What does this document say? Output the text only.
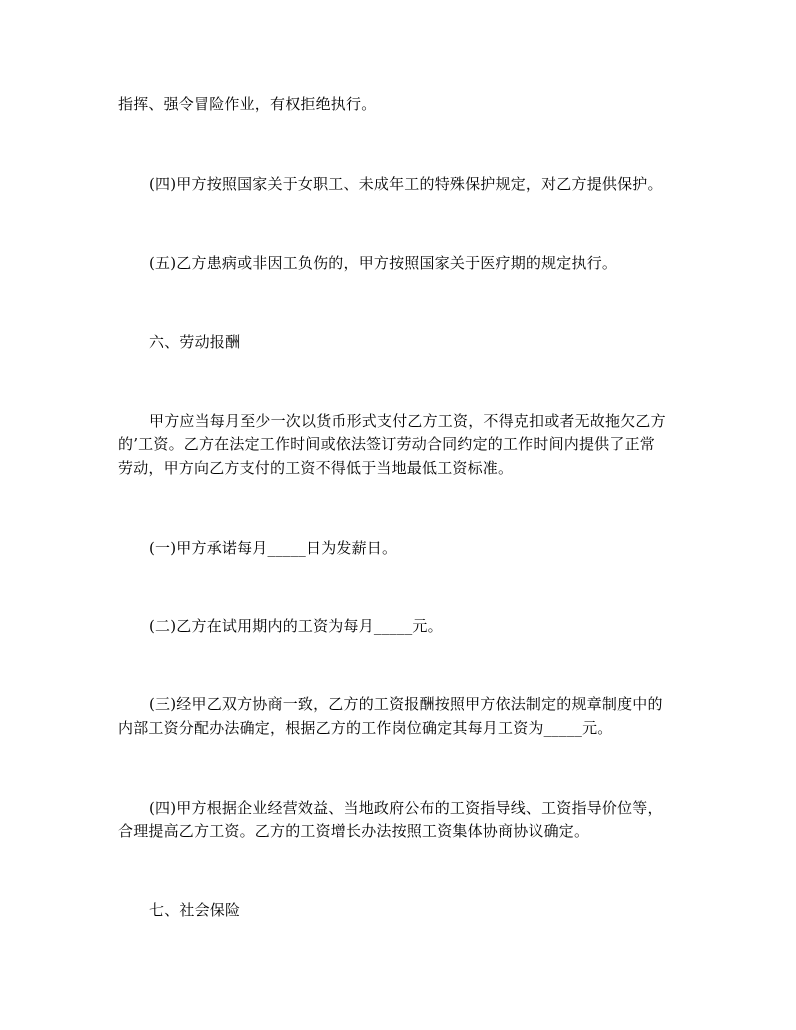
指挥、强令冒险作业，有权拒绝执行。
(四)甲方按照国家关于女职工、未成年工的特殊保护规定，对乙方提供保护。
(五)乙方患病或非因工负伤的，甲方按照国家关于医疗期的规定执行。
六、劳动报酬
甲方应当每月至少一次以货币形式支付乙方工资，不得克扣或者无故拖欠乙方
的’工资。乙方在法定工作时间或依法签订劳动合同约定的工作时间内提供了正常
劳动，甲方向乙方支付的工资不得低于当地最低工资标准。
(一)甲方承诺每月_____日为发薪日。
(二)乙方在试用期内的工资为每月_____元。
(三)经甲乙双方协商一致，乙方的工资报酬按照甲方依法制定的规章制度中的
内部工资分配办法确定，根据乙方的工作岗位确定其每月工资为_____元。
(四)甲方根据企业经营效益、当地政府公布的工资指导线、工资指导价位等，
合理提高乙方工资。乙方的工资增长办法按照工资集体协商协议确定。
七、社会保险
